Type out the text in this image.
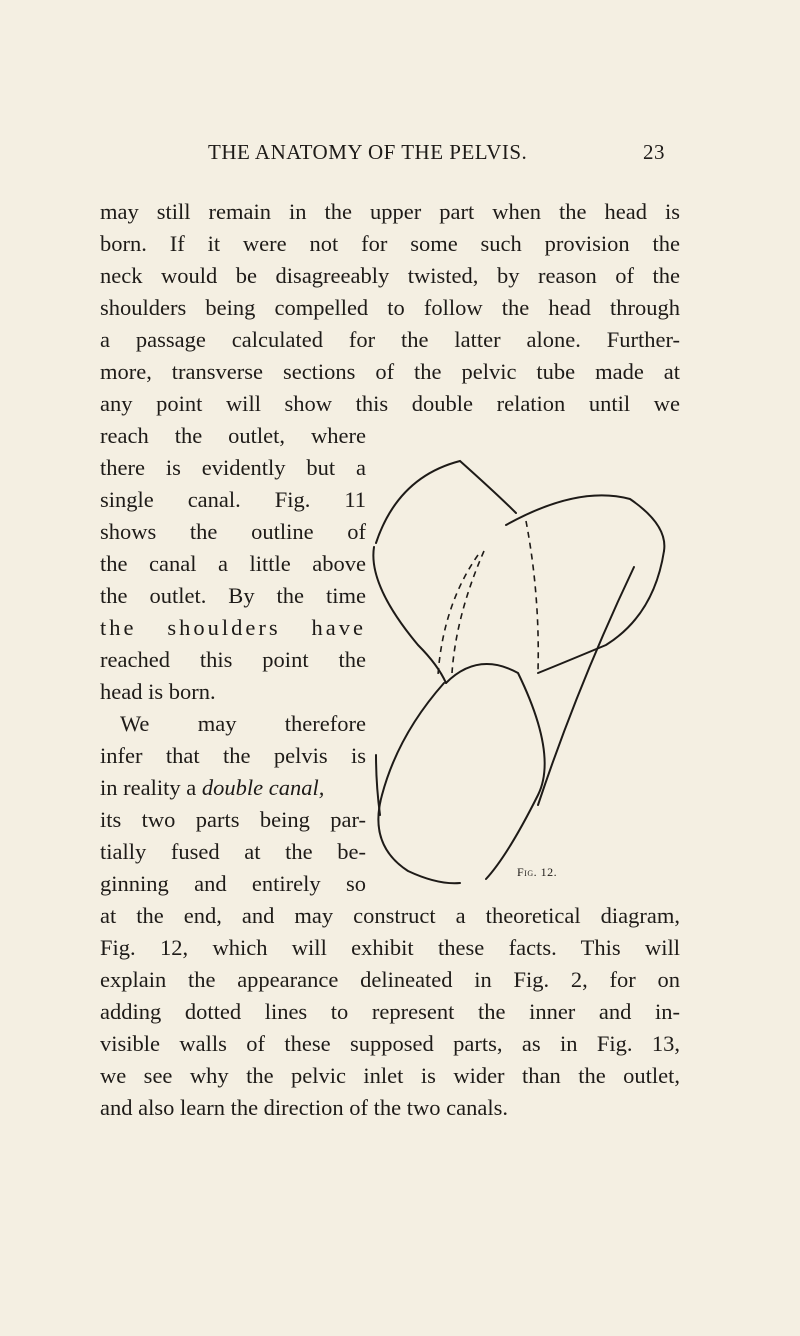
THE ANATOMY OF THE PELVIS.	23
may still remain in the upper part when the head is
born. If it were not for some such provision the
neck would be disagreeably twisted, by reason of the
shoulders being compelled to follow the head through
a passage calculated for the latter alone. Further-
more, transverse sections of the pelvic tube made at
any point will show this double relation until we
reach the outlet, where
there is evidently but a
single canal. Fig. 11
shows the outline of
the canal a little above
the outlet. By the time
the shoulders have
reached this point the
head is born.
We may therefore
infer that the pelvis is
in reality a double canal,
its two parts being par-
tially fused at the be-
ginning and entirely so
at the end, and may construct a theoretical diagram,
Fig. 12, which will exhibit these facts. This will
explain the appearance delineated in Fig. 2, for on
adding dotted lines to represent the inner and in-
visible walls of these supposed parts, as in Fig. 13,
we see why the pelvic inlet is wider than the outlet,
and also learn the direction of the two canals.
Fig. 12.
